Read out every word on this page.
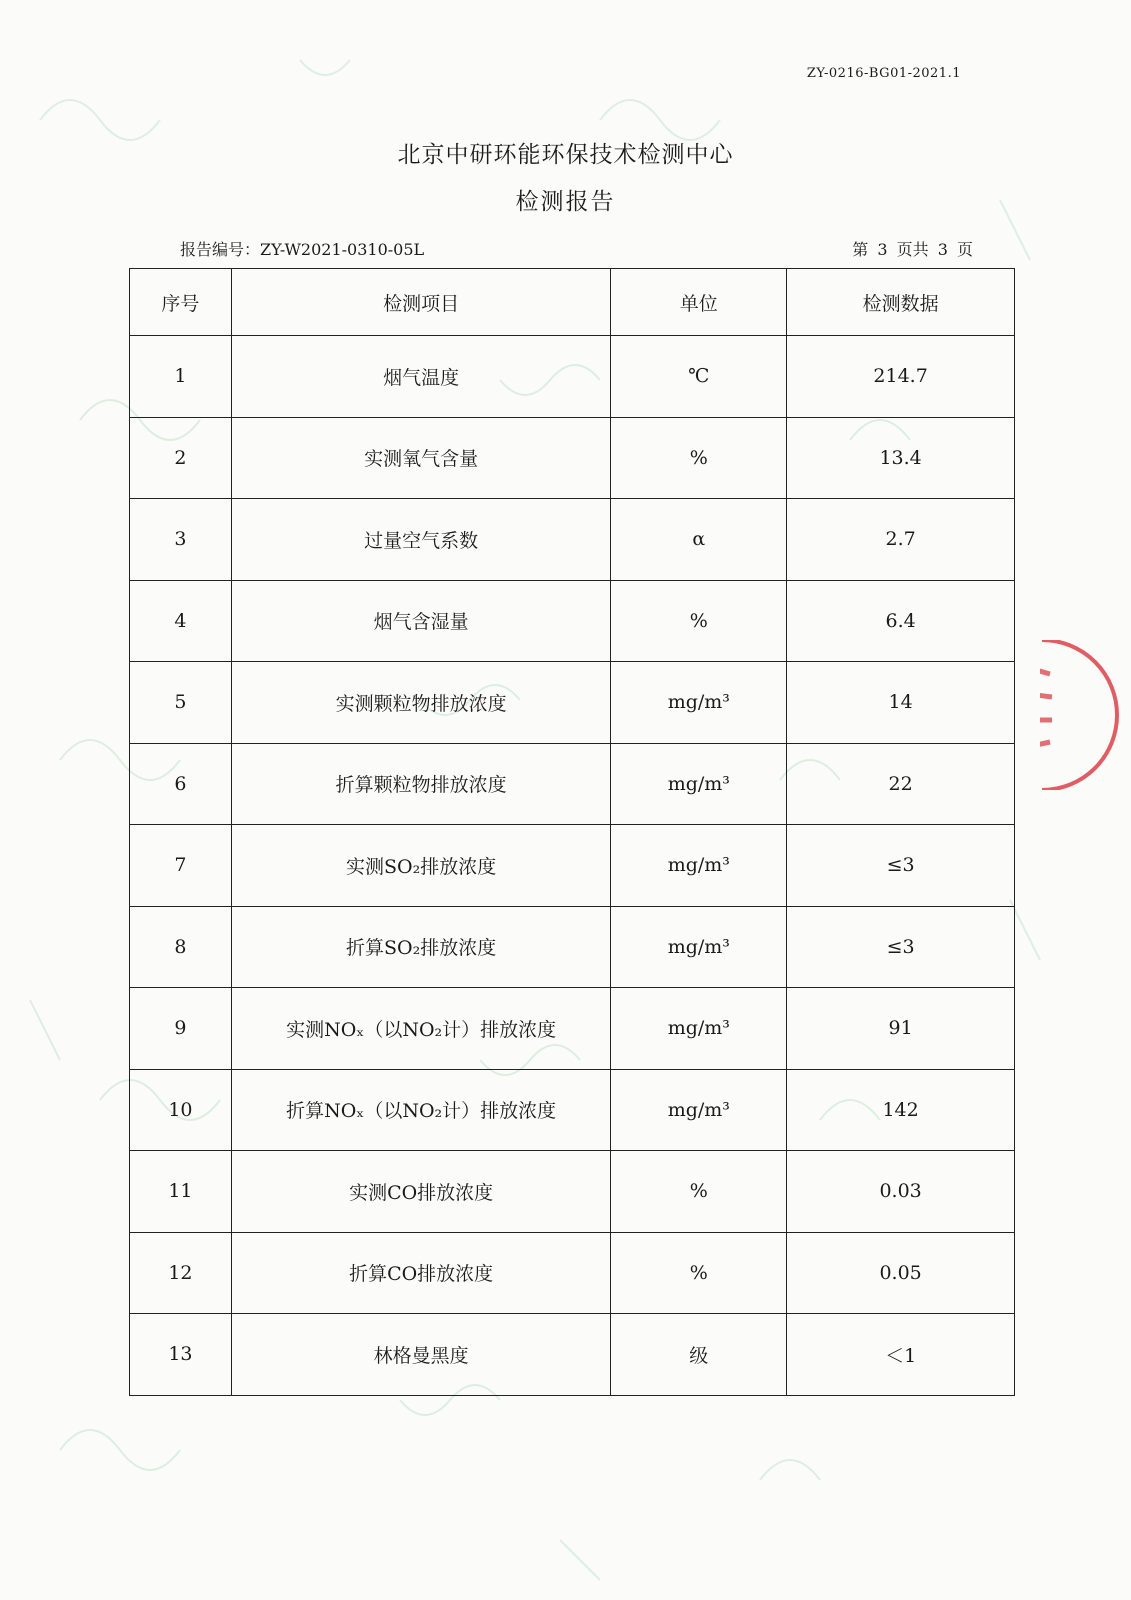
ZY-0216-BG01-2021.1
北京中研环能环保技术检测中心
检测报告
报告编号：ZY-W2021-0310-05L	第 3 页共 3 页
序号	检测项目	单位	检测数据
1	烟气温度	℃	214.7
2	实测氧气含量	%	13.4
3	过量空气系数	α	2.7
4	烟气含湿量	%	6.4
5	实测颗粒物排放浓度	mg/m³	14
6	折算颗粒物排放浓度	mg/m³	22
7	实测SO₂排放浓度	mg/m³	≤3
8	折算SO₂排放浓度	mg/m³	≤3
9	实测NOₓ（以NO₂计）排放浓度	mg/m³	91
10	折算NOₓ（以NO₂计）排放浓度	mg/m³	142
11	实测CO排放浓度	%	0.03
12	折算CO排放浓度	%	0.05
13	林格曼黑度	级	＜1
